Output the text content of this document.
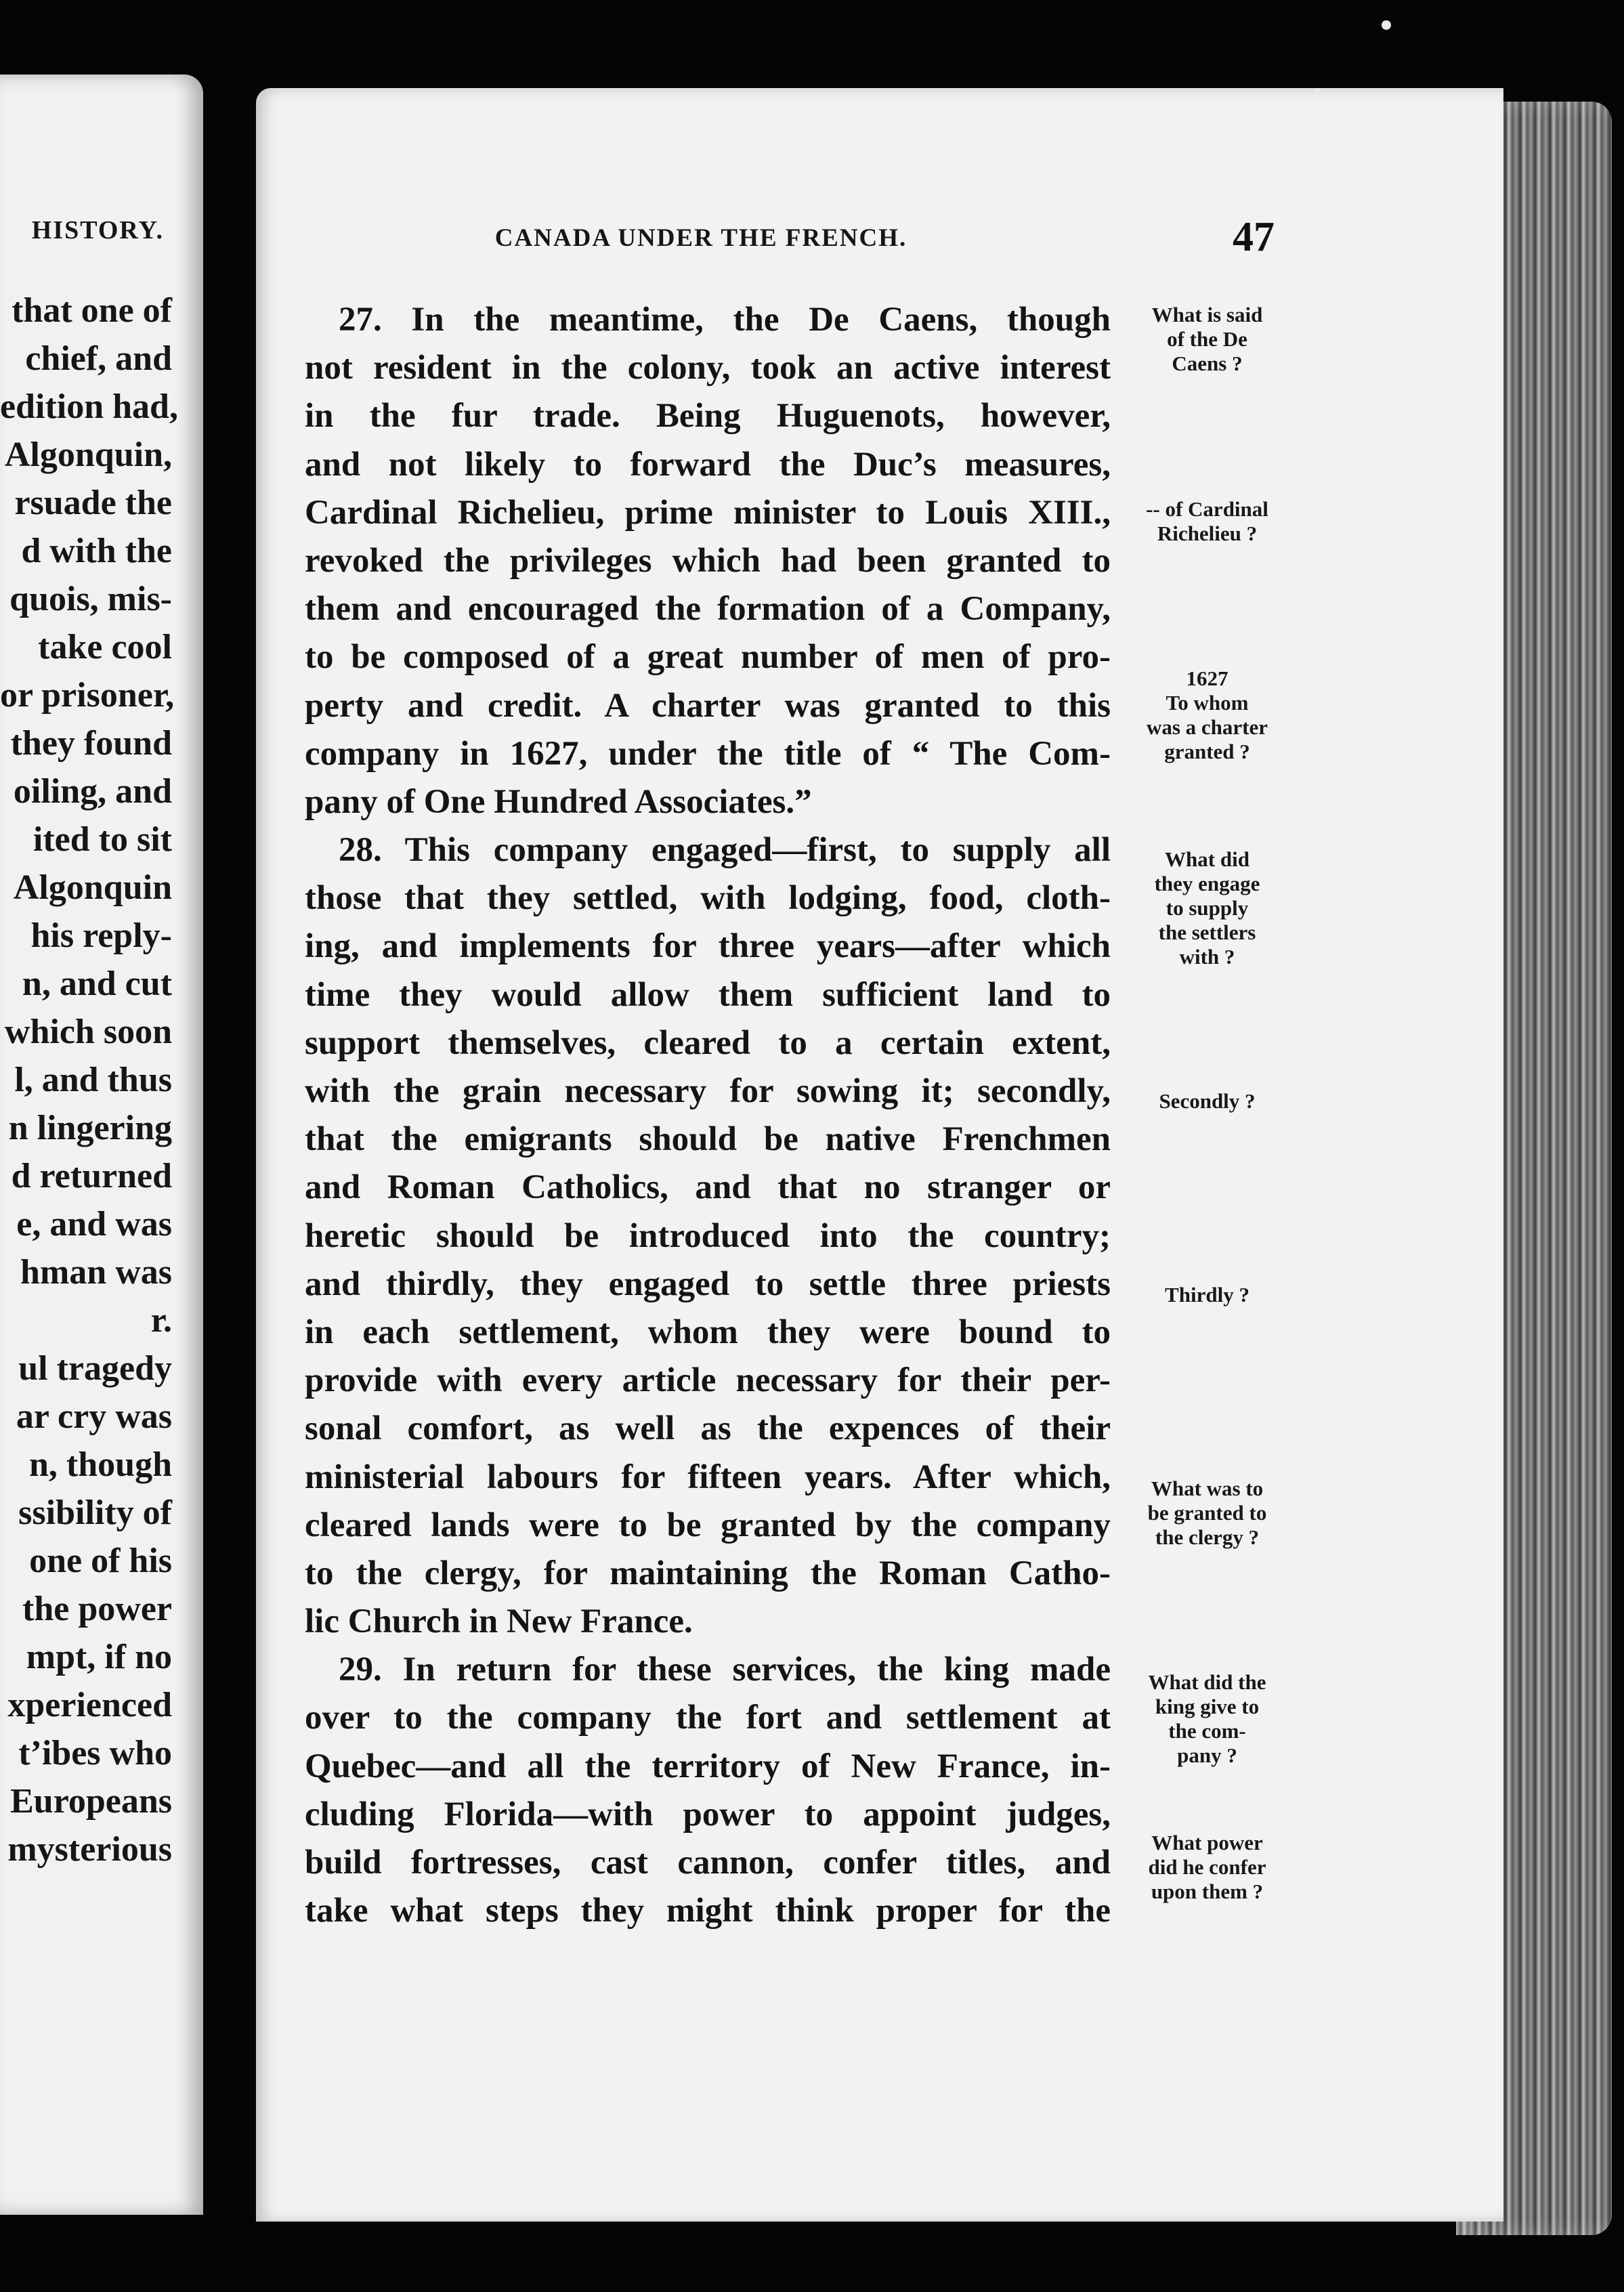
HISTORY.
that one of
chief, and
edition had,
Algonquin,
rsuade the
d with the
quois, mis-
take cool
or prisoner,
they found
oiling, and
ited to sit
Algonquin
his reply-
n, and cut
which soon
l, and thus
n lingering
d returned
e, and was
hman was
r.
ul tragedy
ar cry was
n, though
ssibility of
one of his
the power
mpt, if no
xperienced
t’ibes who
Europeans
mysterious
CANADA UNDER THE FRENCH.	47
27. In the meantime, the De Caens, though
not resident in the colony, took an active interest
in the fur trade. Being Huguenots, however,
and not likely to forward the Duc’s measures,
Cardinal Richelieu, prime minister to Louis XIII.,
revoked the privileges which had been granted to
them and encouraged the formation of a Company,
to be composed of a great number of men of pro-
perty and credit. A charter was granted to this
company in 1627, under the title of “ The Com-
pany of One Hundred Associates.”
28. This company engaged—first, to supply all
those that they settled, with lodging, food, cloth-
ing, and implements for three years—after which
time they would allow them sufficient land to
support themselves, cleared to a certain extent,
with the grain necessary for sowing it; secondly,
that the emigrants should be native Frenchmen
and Roman Catholics, and that no stranger or
heretic should be introduced into the country;
and thirdly, they engaged to settle three priests
in each settlement, whom they were bound to
provide with every article necessary for their per-
sonal comfort, as well as the expences of their
ministerial labours for fifteen years. After which,
cleared lands were to be granted by the company
to the clergy, for maintaining the Roman Catho-
lic Church in New France.
29. In return for these services, the king made
over to the company the fort and settlement at
Quebec—and all the territory of New France, in-
cluding Florida—with power to appoint judges,
build fortresses, cast cannon, confer titles, and
take what steps they might think proper for the
What is said
of the De
Caens ?
-- of Cardinal
Richelieu ?
1627
To whom
was a charter
granted ?
What did
they engage
to supply
the settlers
with ?
Secondly ?
Thirdly ?
What was to
be granted to
the clergy ?
What did the
king give to
the com-
pany ?
What power
did he confer
upon them ?
